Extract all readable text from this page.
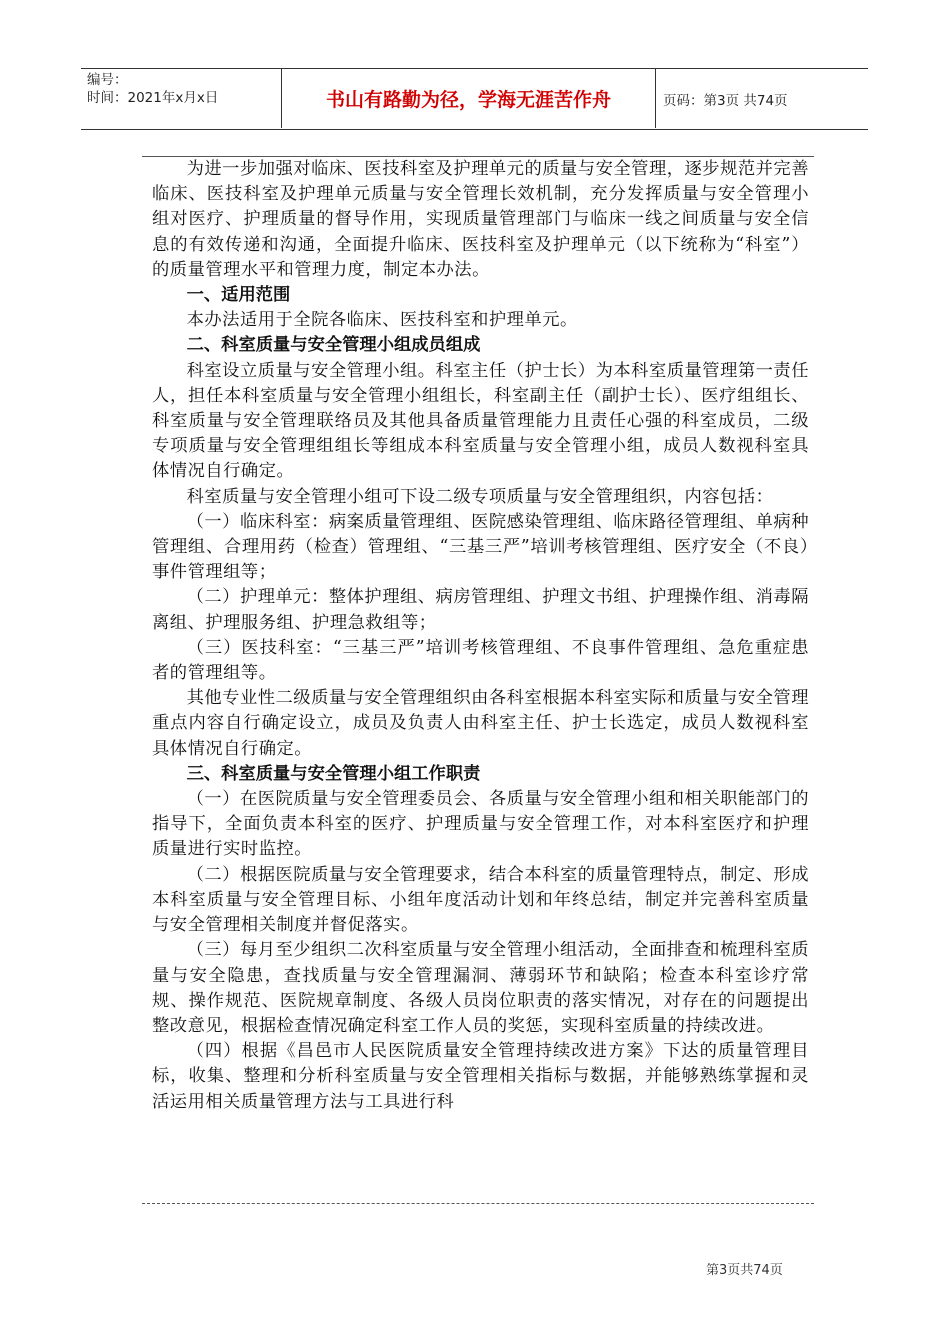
编号：
时间：2021年x月x日	书山有路勤为径，学海无涯苦作舟	页码：第3页 共74页

为进一步加强对临床、医技科室及护理单元的质量与安全管理，逐步规范并完善临床、医技科室及护理单元质量与安全管理长效机制，充分发挥质量与安全管理小组对医疗、护理质量的督导作用，实现质量管理部门与临床一线之间质量与安全信息的有效传递和沟通，全面提升临床、医技科室及护理单元（以下统称为“科室”）的质量管理水平和管理力度，制定本办法。

一、适用范围

本办法适用于全院各临床、医技科室和护理单元。

二、科室质量与安全管理小组成员组成

科室设立质量与安全管理小组。科室主任（护士长）为本科室质量管理第一责任人，担任本科室质量与安全管理小组组长，科室副主任（副护士长）、医疗组组长、科室质量与安全管理联络员及其他具备质量管理能力且责任心强的科室成员，二级专项质量与安全管理组组长等组成本科室质量与安全管理小组，成员人数视科室具体情况自行确定。

科室质量与安全管理小组可下设二级专项质量与安全管理组织，内容包括：

（一）临床科室：病案质量管理组、医院感染管理组、临床路径管理组、单病种管理组、合理用药（检查）管理组、“三基三严”培训考核管理组、医疗安全（不良）事件管理组等；

（二）护理单元：整体护理组、病房管理组、护理文书组、护理操作组、消毒隔离组、护理服务组、护理急救组等；

（三）医技科室：“三基三严”培训考核管理组、不良事件管理组、急危重症患者的管理组等。

其他专业性二级质量与安全管理组织由各科室根据本科室实际和质量与安全管理重点内容自行确定设立，成员及负责人由科室主任、护士长选定，成员人数视科室具体情况自行确定。

三、科室质量与安全管理小组工作职责

（一）在医院质量与安全管理委员会、各质量与安全管理小组和相关职能部门的指导下，全面负责本科室的医疗、护理质量与安全管理工作，对本科室医疗和护理质量进行实时监控。

（二）根据医院质量与安全管理要求，结合本科室的质量管理特点，制定、形成本科室质量与安全管理目标、小组年度活动计划和年终总结，制定并完善科室质量与安全管理相关制度并督促落实。

（三）每月至少组织二次科室质量与安全管理小组活动，全面排查和梳理科室质量与安全隐患，查找质量与安全管理漏洞、薄弱环节和缺陷；检查本科室诊疗常规、操作规范、医院规章制度、各级人员岗位职责的落实情况，对存在的问题提出整改意见，根据检查情况确定科室工作人员的奖惩，实现科室质量的持续改进。

（四）根据《昌邑市人民医院质量安全管理持续改进方案》下达的质量管理目标，收集、整理和分析科室质量与安全管理相关指标与数据，并能够熟练掌握和灵活运用相关质量管理方法与工具进行科

第3页共74页
